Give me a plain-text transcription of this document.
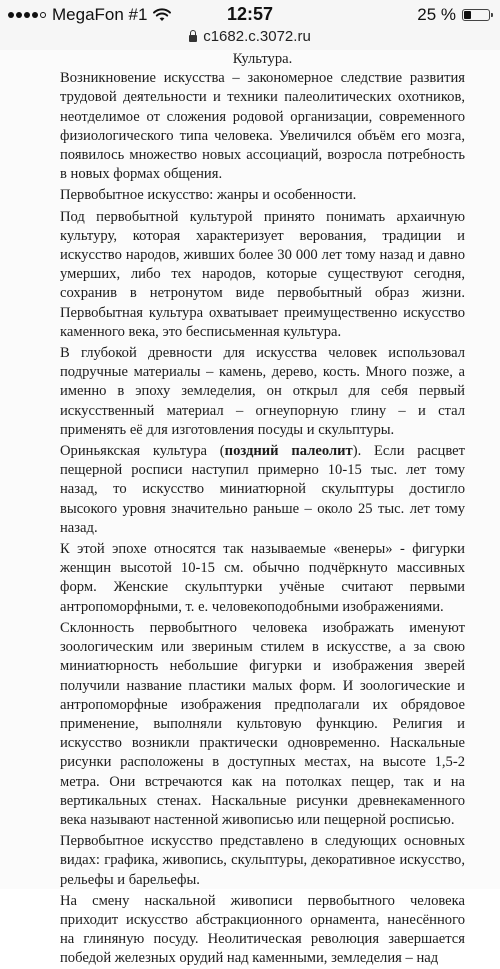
MegaFon #1	12:57	25 %
c1682.c.3072.ru

Культура.

Возникновение искусства – закономерное следствие развития трудовой деятельности и техники палеолитических охотников, неотделимое от сложения родовой организации, современного физиологического типа человека. Увеличился объём его мозга, появилось множество новых ассоциаций, возросла потребность в новых формах общения.

Первобытное искусство: жанры и особенности.

Под первобытной культурой принято понимать архаичную культуру, которая характеризует верования, традиции и искусство народов, живших более 30 000 лет тому назад и давно умерших, либо тех народов, которые существуют сегодня, сохранив в нетронутом виде первобытный образ жизни. Первобытная культура охватывает преимущественно искусство каменного века, это бесписьменная культура.

В глубокой древности для искусства человек использовал подручные материалы – камень, дерево, кость. Много позже, а именно в эпоху земледелия, он открыл для себя первый искусственный материал – огнеупорную глину – и стал применять её для изготовления посуды и скульптуры.

Ориньякская культура (поздний палеолит). Если расцвет пещерной росписи наступил примерно 10-15 тыс. лет тому назад, то искусство миниатюрной скульптуры достигло высокого уровня значительно раньше – около 25 тыс. лет тому назад.

К этой эпохе относятся так называемые «венеры» - фигурки женщин высотой 10-15 см. обычно подчёркнуто массивных форм. Женские скульптурки учёные считают первыми антропоморфными, т. е. человекоподобными изображениями.

Склонность первобытного человека изображать именуют зоологическим или звериным стилем в искусстве, а за свою миниатюрность небольшие фигурки и изображения зверей получили название пластики малых форм. И зоологические и антропоморфные изображения предполагали их обрядовое применение, выполняли культовую функцию. Религия и искусство возникли практически одновременно. Наскальные рисунки расположены в доступных местах, на высоте 1,5-2 метра. Они встречаются как на потолках пещер, так и на вертикальных стенах. Наскальные рисунки древнекаменного века называют настенной живописью или пещерной росписью.

Первобытное искусство представлено в следующих основных видах: графика, живопись, скульптуры, декоративное искусство, рельефы и барельефы.

На смену наскальной живописи первобытного человека приходит искусство абстракционного орнамента, нанесённого на глиняную посуду. Неолитическая революция завершается победой железных орудий над каменными, земледелия – над
